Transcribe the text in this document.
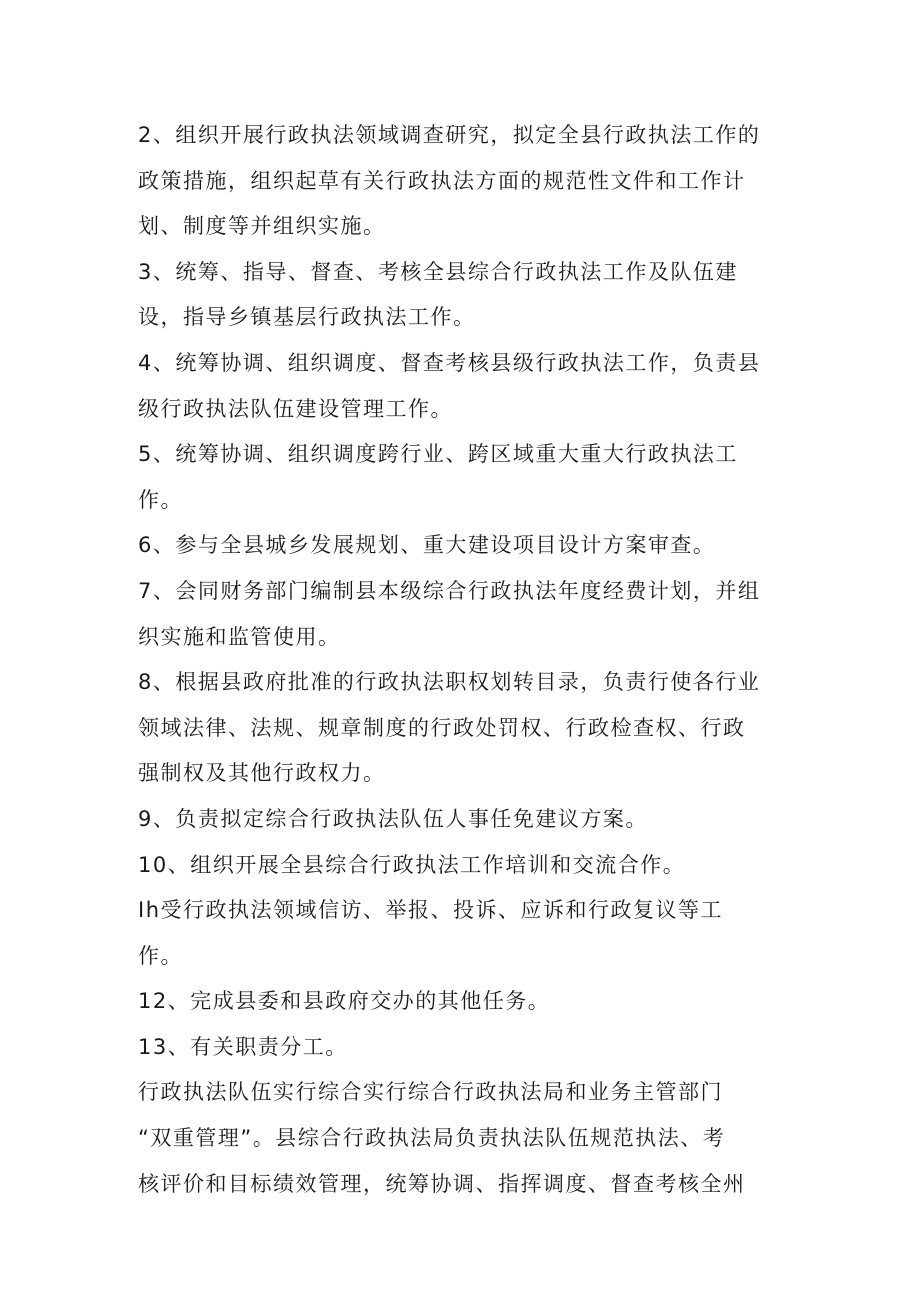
2、组织开展行政执法领域调查研究，拟定全县行政执法工作的
政策措施，组织起草有关行政执法方面的规范性文件和工作计
划、制度等并组织实施。
3、统筹、指导、督查、考核全县综合行政执法工作及队伍建
设，指导乡镇基层行政执法工作。
4、统筹协调、组织调度、督查考核县级行政执法工作，负责县
级行政执法队伍建设管理工作。
5、统筹协调、组织调度跨行业、跨区域重大重大行政执法工
作。
6、参与全县城乡发展规划、重大建设项目设计方案审查。
7、会同财务部门编制县本级综合行政执法年度经费计划，并组
织实施和监管使用。
8、根据县政府批准的行政执法职权划转目录，负责行使各行业
领域法律、法规、规章制度的行政处罚权、行政检查权、行政
强制权及其他行政权力。
9、负责拟定综合行政执法队伍人事任免建议方案。
10、组织开展全县综合行政执法工作培训和交流合作。
Ih受行政执法领域信访、举报、投诉、应诉和行政复议等工
作。
12、完成县委和县政府交办的其他任务。
13、有关职责分工。
行政执法队伍实行综合实行综合行政执法局和业务主管部门
“双重管理”。县综合行政执法局负责执法队伍规范执法、考
核评价和目标绩效管理，统筹协调、指挥调度、督查考核全州
